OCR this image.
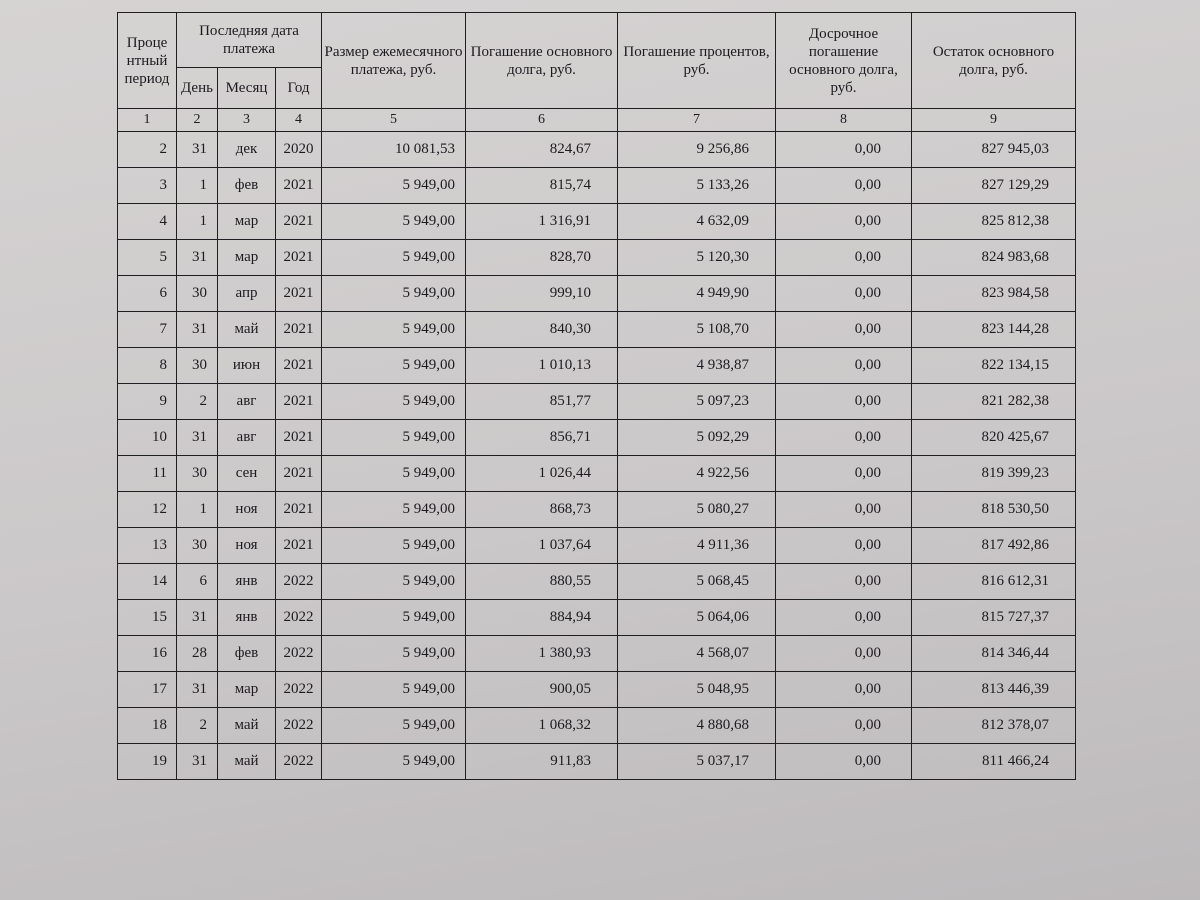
Проце нтный период	Последняя дата платежа			Размер ежемесячного платежа, руб.	Погашение основного долга, руб.	Погашение процентов, руб.	Досрочное погашение основного долга, руб.	Остаток основного долга, руб.
	День	Месяц	Год					
1	2	3	4	5	6	7	8	9
2	31	дек	2020	10 081,53	824,67	9 256,86	0,00	827 945,03
3	1	фев	2021	5 949,00	815,74	5 133,26	0,00	827 129,29
4	1	мар	2021	5 949,00	1 316,91	4 632,09	0,00	825 812,38
5	31	мар	2021	5 949,00	828,70	5 120,30	0,00	824 983,68
6	30	апр	2021	5 949,00	999,10	4 949,90	0,00	823 984,58
7	31	май	2021	5 949,00	840,30	5 108,70	0,00	823 144,28
8	30	июн	2021	5 949,00	1 010,13	4 938,87	0,00	822 134,15
9	2	авг	2021	5 949,00	851,77	5 097,23	0,00	821 282,38
10	31	авг	2021	5 949,00	856,71	5 092,29	0,00	820 425,67
11	30	сен	2021	5 949,00	1 026,44	4 922,56	0,00	819 399,23
12	1	ноя	2021	5 949,00	868,73	5 080,27	0,00	818 530,50
13	30	ноя	2021	5 949,00	1 037,64	4 911,36	0,00	817 492,86
14	6	янв	2022	5 949,00	880,55	5 068,45	0,00	816 612,31
15	31	янв	2022	5 949,00	884,94	5 064,06	0,00	815 727,37
16	28	фев	2022	5 949,00	1 380,93	4 568,07	0,00	814 346,44
17	31	мар	2022	5 949,00	900,05	5 048,95	0,00	813 446,39
18	2	май	2022	5 949,00	1 068,32	4 880,68	0,00	812 378,07
19	31	май	2022	5 949,00	911,83	5 037,17	0,00	811 466,24
